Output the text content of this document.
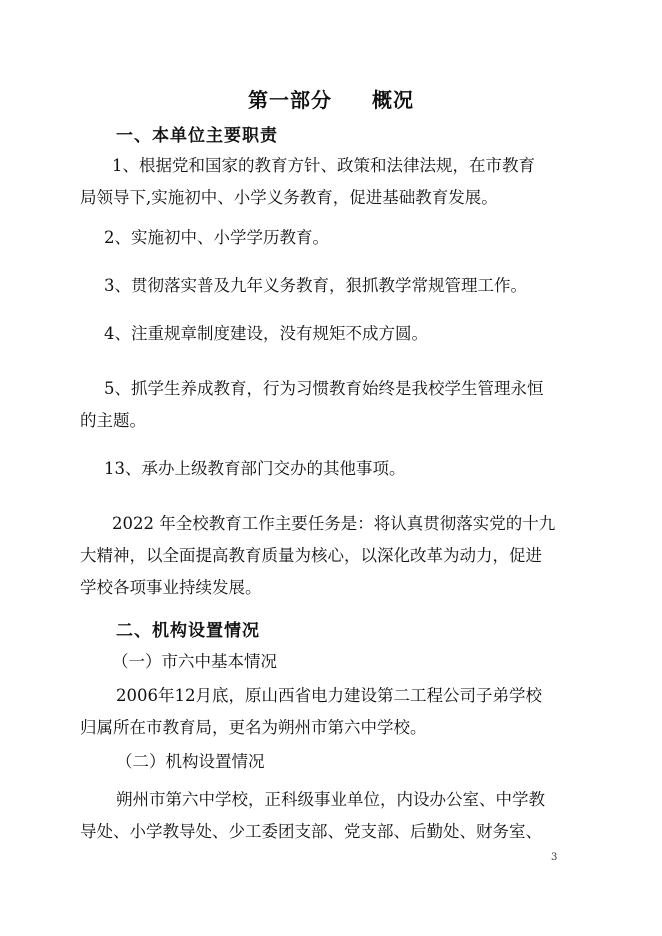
第一部分 概况
一、本单位主要职责
1、根据党和国家的教育方针、政策和法律法规，在市教育
局领导下,实施初中、小学义务教育，促进基础教育发展。
2、实施初中、小学学历教育。
3、贯彻落实普及九年义务教育，狠抓教学常规管理工作。
4、注重规章制度建设，没有规矩不成方圆。
5、抓学生养成教育，行为习惯教育始终是我校学生管理永恒
的主题。
13、承办上级教育部门交办的其他事项。
2022 年全校教育工作主要任务是：将认真贯彻落实党的十九
大精神，以全面提高教育质量为核心，以深化改革为动力，促进
学校各项事业持续发展。
二、机构设置情况
（一）市六中基本情况
2006年12月底，原山西省电力建设第二工程公司子弟学校
归属所在市教育局，更名为朔州市第六中学校。
（二）机构设置情况
朔州市第六中学校，正科级事业单位，内设办公室、中学教
导处、小学教导处、少工委团支部、党支部、后勤处、财务室、
3
